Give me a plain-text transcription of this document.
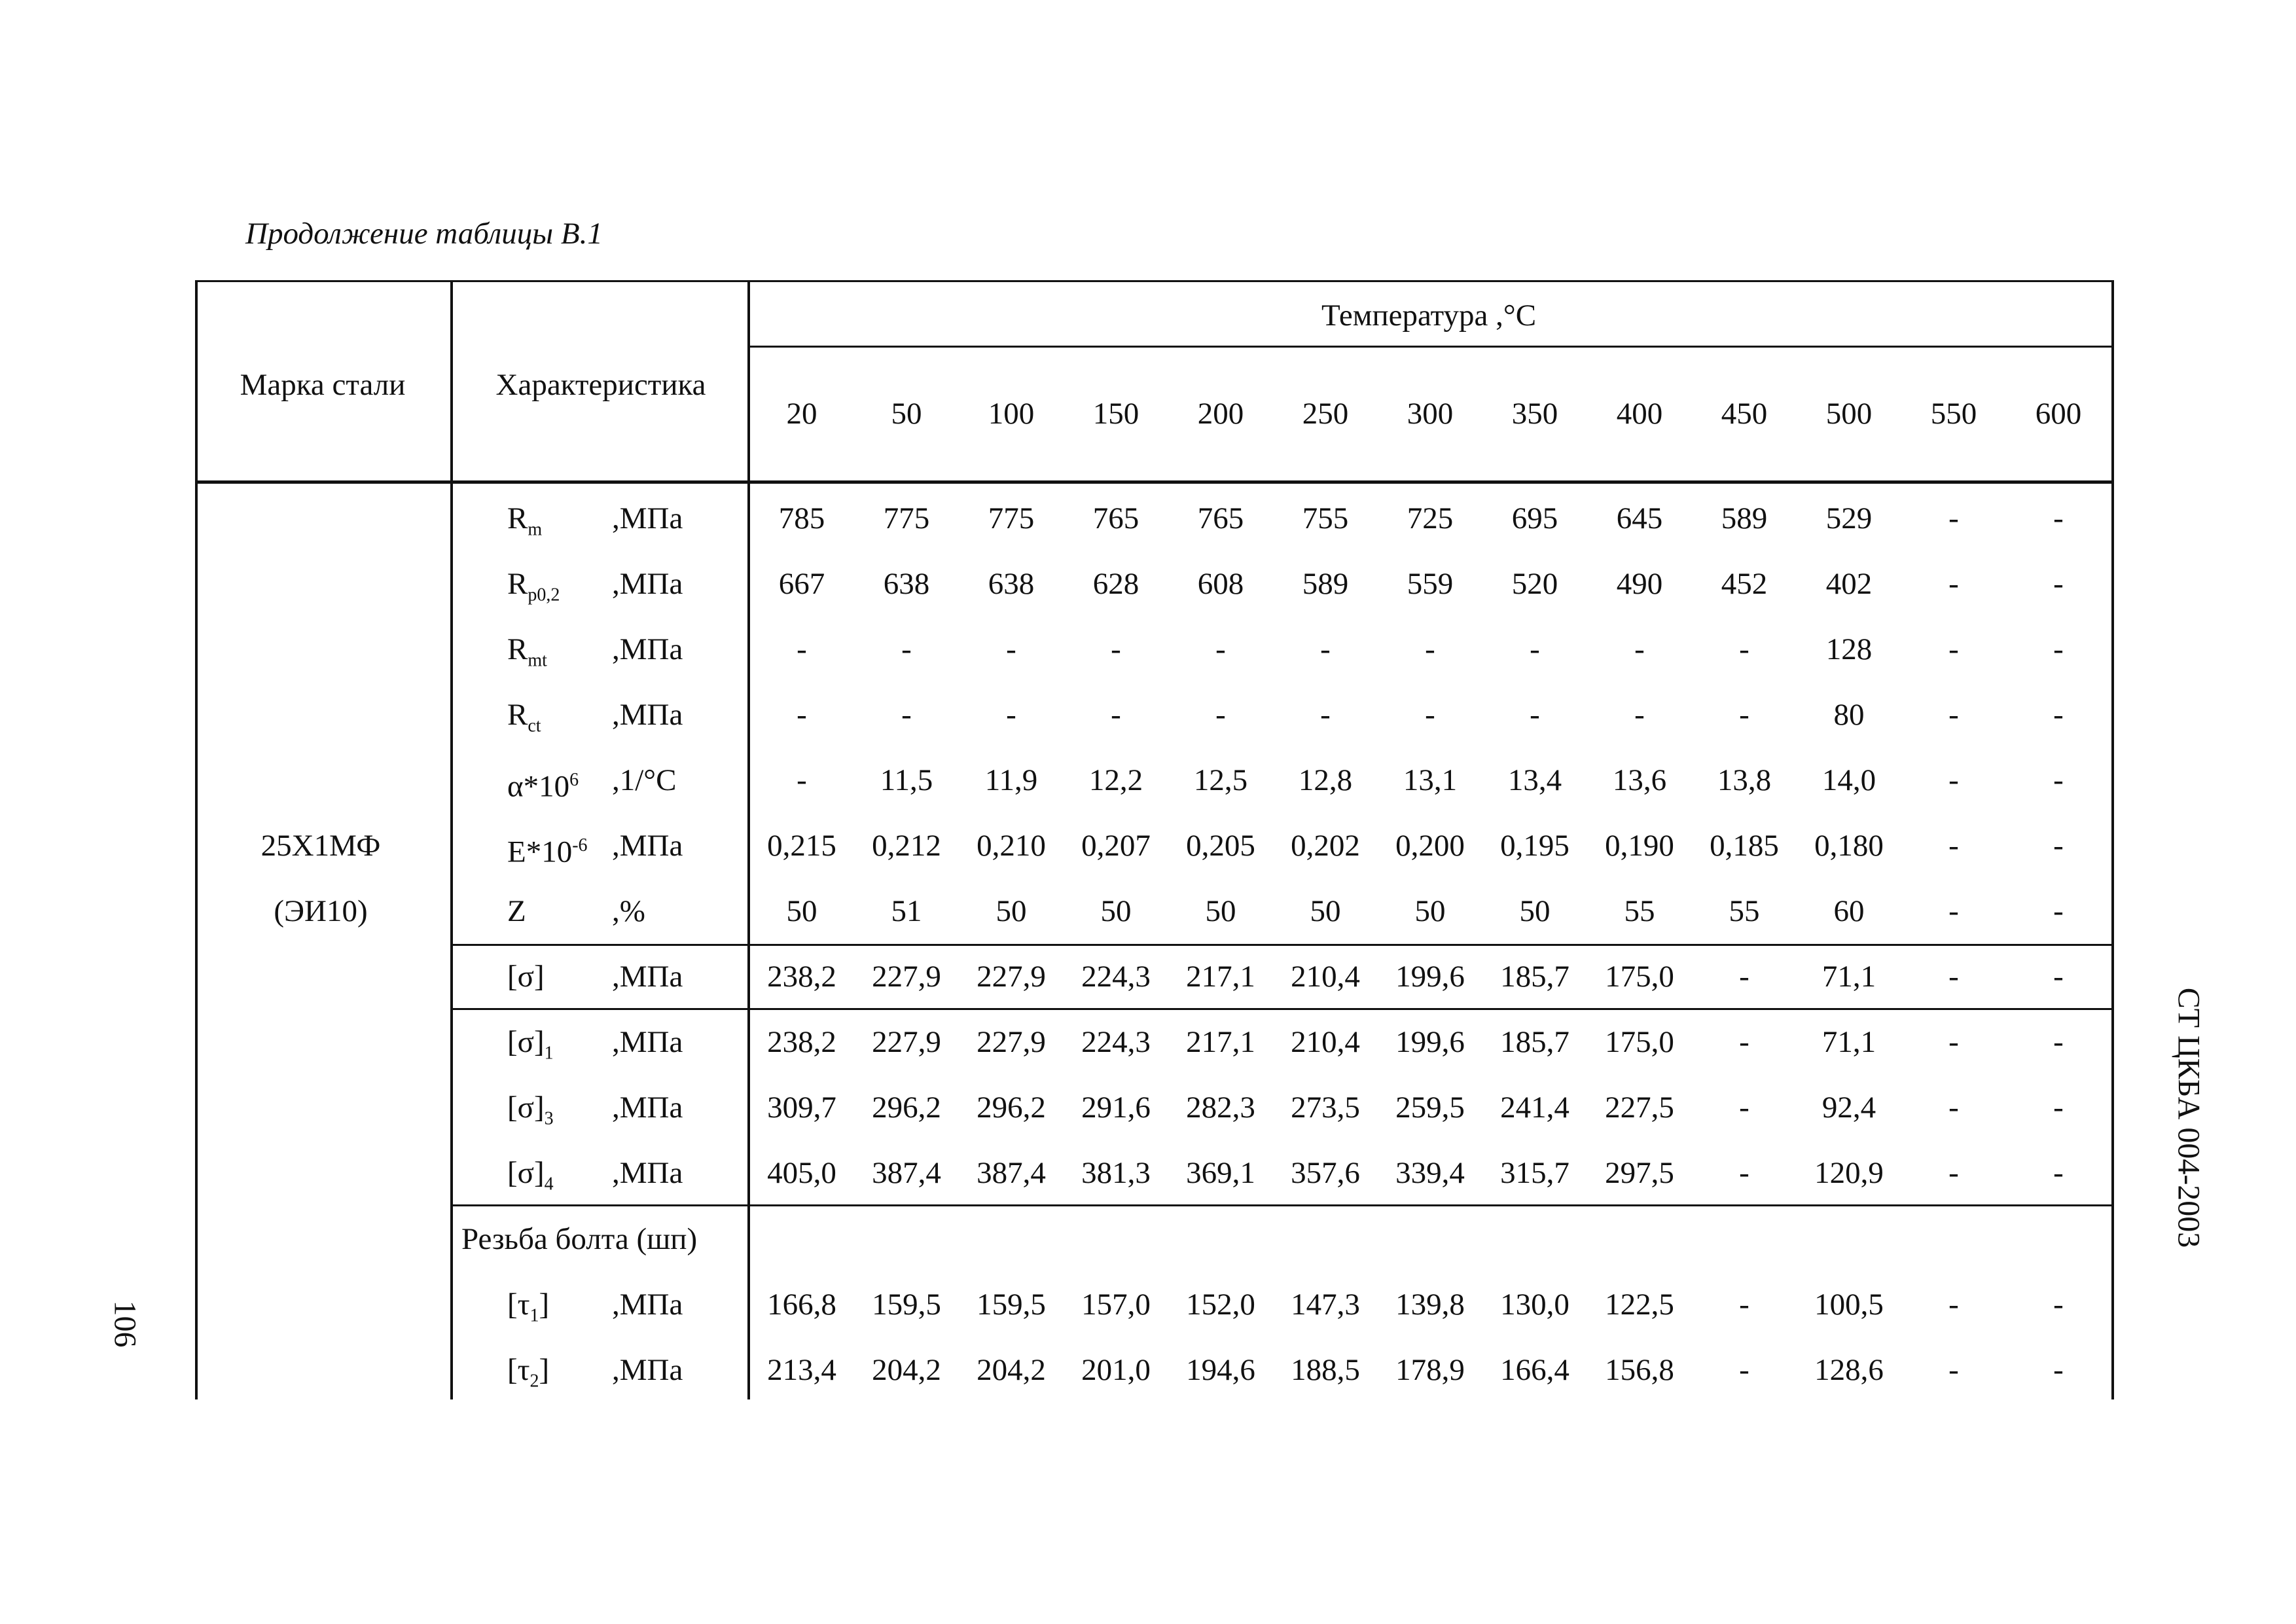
Продолжение таблицы В.1
Марка стали	Характеристика
Температура ,°С
20 50 100 150 200 250 300 350 400 450 500 550 600
25Х1МФ
(ЭИ10)
Резьба болта (шп)
$R_m$ ,МПа	785 775 775 765 765 755 725 695 645 589 529 -	-
$R_{p0,2}$ ,МПа	667 638 638 628 608 589 559 520 490 452 402 -	-
$R_{mt}$ ,МПа	-	-	-	-	-	-	-	-	-	- 128 -	-
$R_{ct}$ ,МПа	-	-	-	-	-	-	-	-	-	-	80	-	-
$\alpha*10^6$ ,1/°С	- 11,5 11,9 12,2 12,5 12,8 13,1 13,4 13,6 13,8 14,0 -	-
$E*10^{-6}$ ,МПа	0,215 0,212 0,210 0,207 0,205 0,202 0,200 0,195 0,190 0,185 0,180 -	-
Z	,%	50 51 50 50 50 50 50 50 55 55 60	-	-
[σ] ,МПа	238,2 227,9 227,9 224,3 217,1 210,4 199,6 185,7 175,0 - 71,1 -	-
$[\sigma]_1$ ,МПа	238,2 227,9 227,9 224,3 217,1 210,4 199,6 185,7 175,0 - 71,1 -	-
$[\sigma]_3$ ,МПа	309,7 296,2 296,2 291,6 282,3 273,5 259,5 241,4 227,5 - 92,4 -	-
$[\sigma]_4$ ,МПа	405,0 387,4 387,4 381,3 369,1 357,6 339,4 315,7 297,5 - 120,9 -	-
$[\tau_1]$ ,МПа	166,8 159,5 159,5 157,0 152,0 147,3 139,8 130,0 122,5 - 100,5 -	-
$[\tau_2]$ ,МПа	213,4 204,2 204,2 201,0 194,6 188,5 178,9 166,4 156,8 - 128,6 -	-
106
СТ ЦКБА 004-2003
